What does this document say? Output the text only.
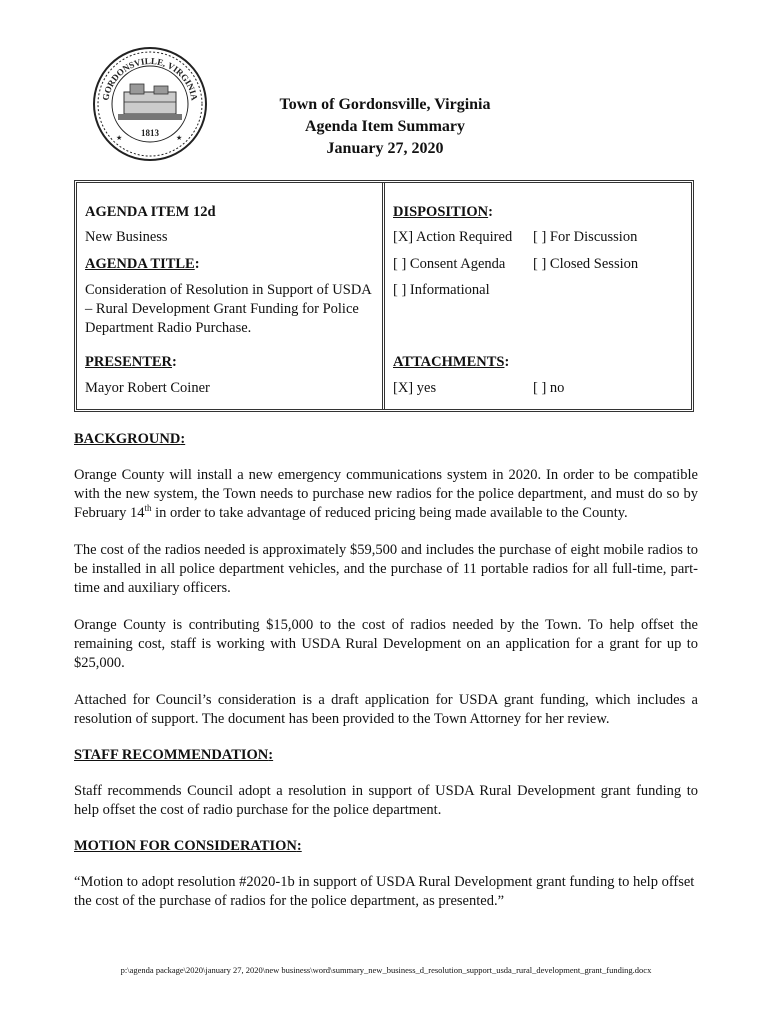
GORDONSVILLE, VIRGINIA
1813
★	★
Town of Gordonsville, Virginia
Agenda Item Summary
January 27, 2020
AGENDA ITEM 12d
New Business
AGENDA TITLE:
Consideration of Resolution in Support of USDA – Rural Development Grant Funding for Police Department Radio Purchase.
PRESENTER:
Mayor Robert Coiner
DISPOSITION:
[X] Action Required [ ] For Discussion
[ ] Consent Agenda [ ] Closed Session
[ ] Informational
ATTACHMENTS:
[X] yes	[ ] no
BACKGROUND:

Orange County will install a new emergency communications system in 2020. In order to be compatible with the new system, the Town needs to purchase new radios for the police department, and must do so by February 14th in order to take advantage of reduced pricing being made available to the County.

The cost of the radios needed is approximately $59,500 and includes the purchase of eight mobile radios to be installed in all police department vehicles, and the purchase of 11 portable radios for all full-time, part-time and auxiliary officers.

Orange County is contributing $15,000 to the cost of radios needed by the Town. To help offset the remaining cost, staff is working with USDA Rural Development on an application for a grant for up to $25,000.

Attached for Council’s consideration is a draft application for USDA grant funding, which includes a resolution of support. The document has been provided to the Town Attorney for her review.

STAFF RECOMMENDATION:

Staff recommends Council adopt a resolution in support of USDA Rural Development grant funding to help offset the cost of radio purchase for the police department.

MOTION FOR CONSIDERATION:

“Motion to adopt resolution #2020-1b in support of USDA Rural Development grant funding to help offset the cost of the purchase of radios for the police department, as presented.”

p:\agenda package\2020\january 27, 2020\new business\word\summary_new_business_d_resolution_support_usda_rural_development_grant_funding.docx
